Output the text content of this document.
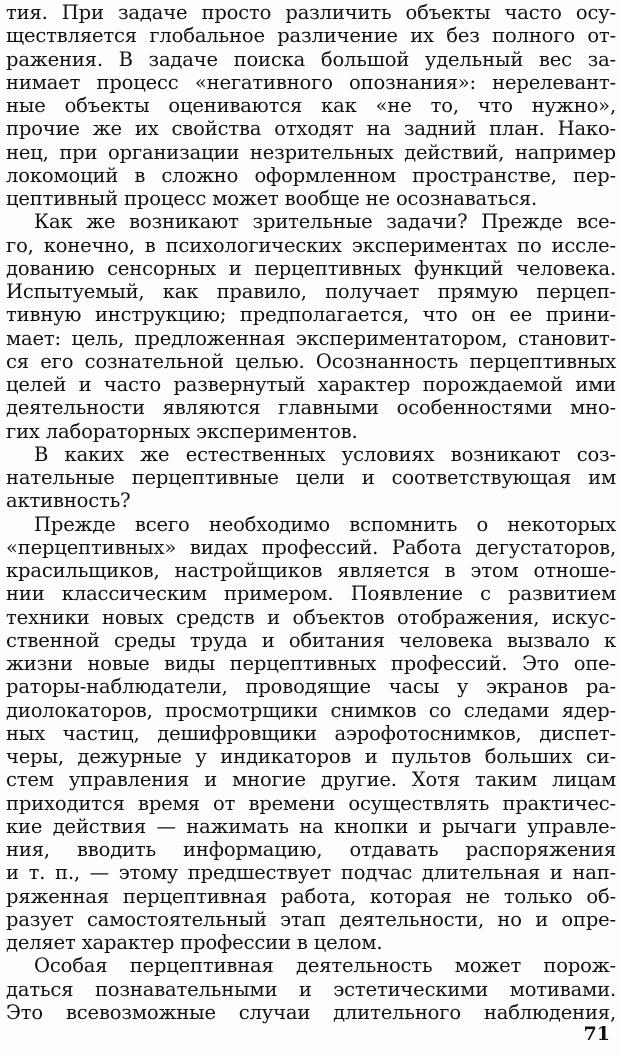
тия. При задаче просто различить объекты часто осу-
ществляется глобальное различение их без полного от-
ражения. В задаче поиска большой удельный вес за-
нимает процесс «негативного опознания»: нерелевант-
ные объекты оцениваются как «не то, что нужно»,
прочие же их свойства отходят на задний план. Нако-
нец, при организации незрительных действий, например
локомоций в сложно оформленном пространстве, пер-
цептивный процесс может вообще не осознаваться.
Как же возникают зрительные задачи? Прежде все-
го, конечно, в психологических экспериментах по иссле-
дованию сенсорных и перцептивных функций человека.
Испытуемый, как правило, получает прямую перцеп-
тивную инструкцию; предполагается, что он ее прини-
мает: цель, предложенная экспериментатором, становит-
ся его сознательной целью. Осознанность перцептивных
целей и часто развернутый характер порождаемой ими
деятельности являются главными особенностями мно-
гих лабораторных экспериментов.
В каких же естественных условиях возникают соз-
нательные перцептивные цели и соответствующая им
активность?
Прежде всего необходимо вспомнить о некоторых
«перцептивных» видах профессий. Работа дегустаторов,
красильщиков, настройщиков является в этом отноше-
нии классическим примером. Появление с развитием
техники новых средств и объектов отображения, искус-
ственной среды труда и обитания человека вызвало к
жизни новые виды перцептивных профессий. Это опе-
раторы-наблюдатели, проводящие часы у экранов ра-
диолокаторов, просмотрщики снимков со следами ядер-
ных частиц, дешифровщики аэрофотоснимков, диспет-
черы, дежурные у индикаторов и пультов больших си-
стем управления и многие другие. Хотя таким лицам
приходится время от времени осуществлять практичес-
кие действия — нажимать на кнопки и рычаги управле-
ния, вводить информацию, отдавать распоряжения
и т. п., — этому предшествует подчас длительная и нап-
ряженная перцептивная работа, которая не только об-
разует самостоятельный этап деятельности, но и опре-
деляет характер профессии в целом.
Особая перцептивная деятельность может порож-
даться познавательными и эстетическими мотивами.
Это всевозможные случаи длительного наблюдения,
71
